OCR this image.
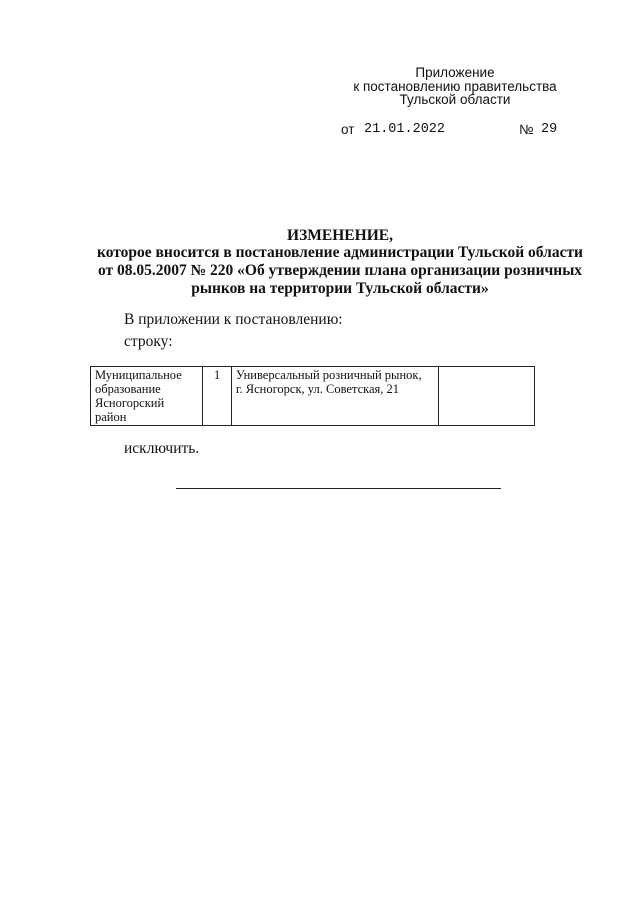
Приложение
к постановлению правительства
Тульской области
от 21.01.2022	№ 29
ИЗМЕНЕНИЕ,
которое вносится в постановление администрации Тульской области
от 08.05.2007 № 220 «Об утверждении плана организации розничных
рынков на территории Тульской области»
В приложении к постановлению:
строку:
Муниципальное
образование
Ясногорский
район
	1	Универсальный розничный рынок,
г. Ясногорск, ул. Советская, 21

исключить.
